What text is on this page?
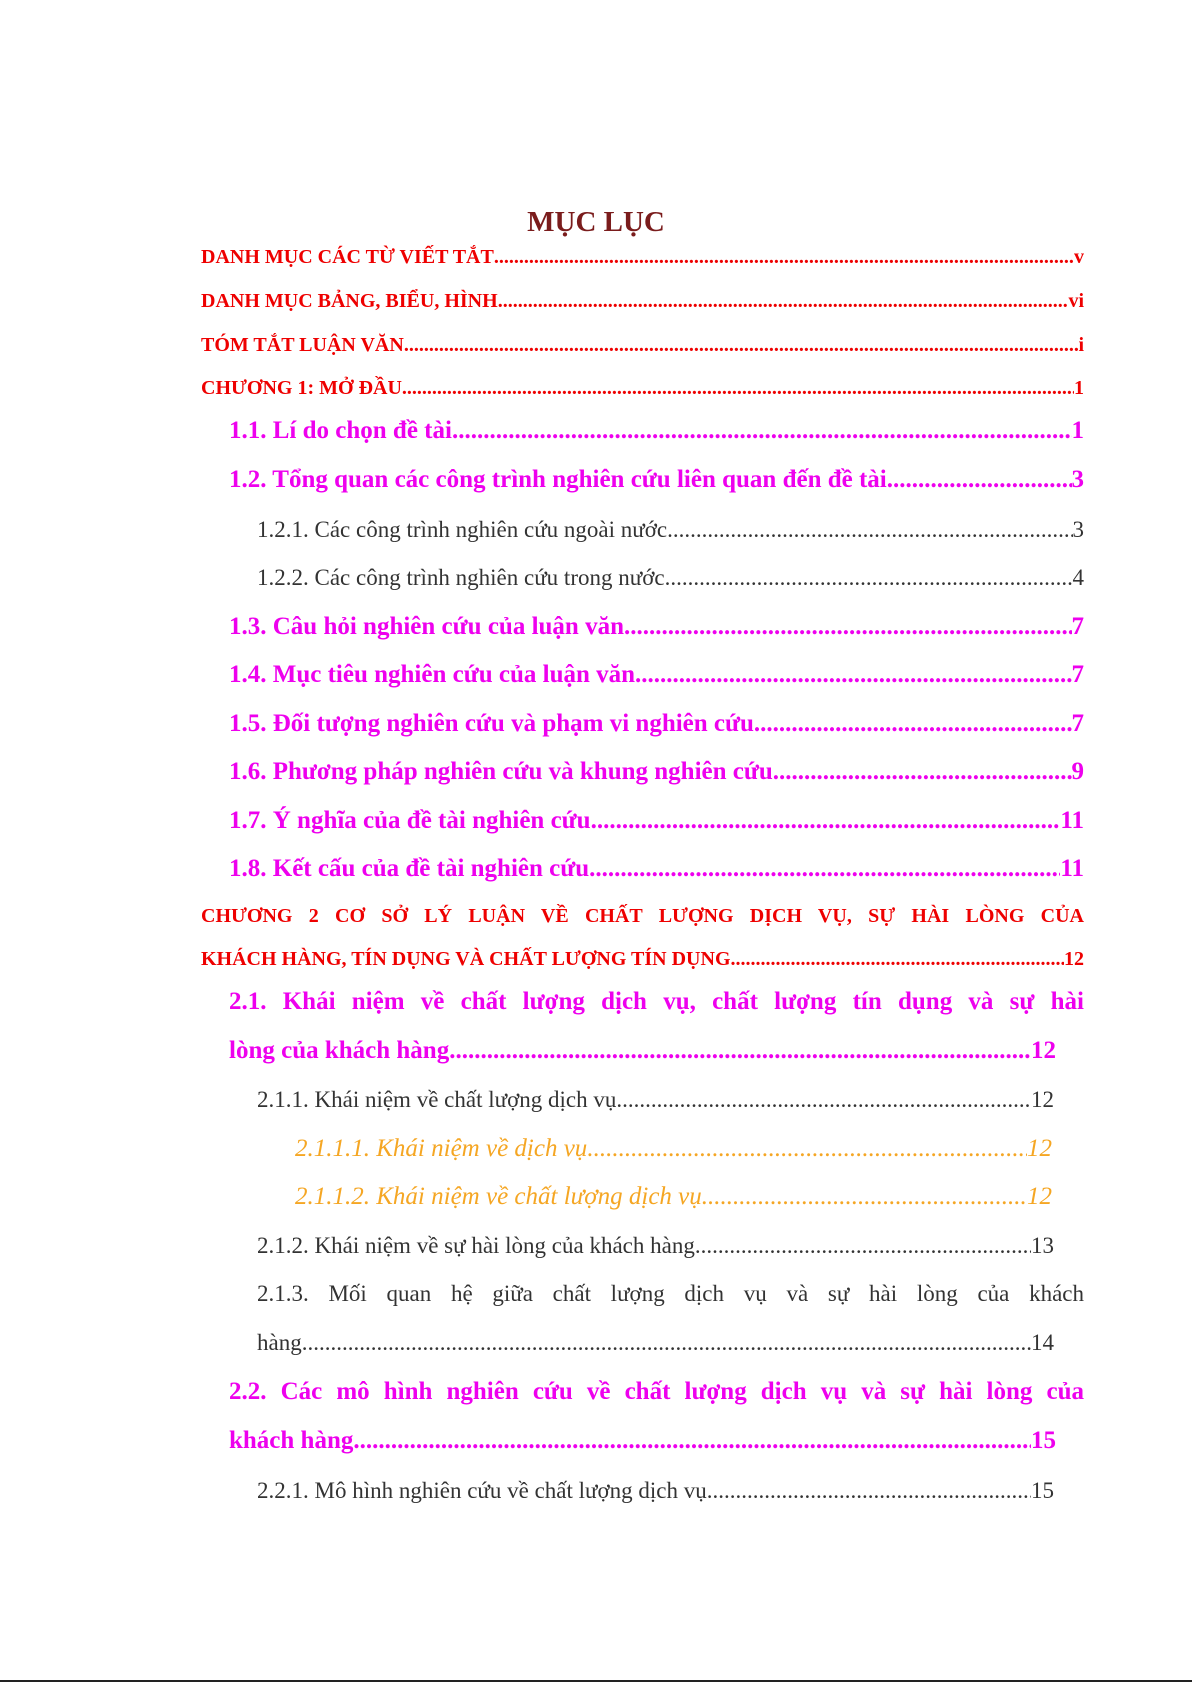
MỤC LỤC
DANH MỤC CÁC TỪ VIẾT TẮT .....	v
DANH MỤC BẢNG, BIỂU, HÌNH .....	vi
TÓM TẮT LUẬN VĂN .....	i
CHƯƠNG 1: MỞ ĐẦU .....	1
1.1. Lí do chọn đề tài .....	1
1.2. Tổng quan các công trình nghiên cứu liên quan đến đề tài .....	3
1.2.1. Các công trình nghiên cứu ngoài nước .....	3
1.2.2. Các công trình nghiên cứu trong nước .....	4
1.3. Câu hỏi nghiên cứu của luận văn .....	7
1.4. Mục tiêu nghiên cứu của luận văn .....	7
1.5. Đối tượng nghiên cứu và phạm vi nghiên cứu .....	7
1.6. Phương pháp nghiên cứu và khung nghiên cứu .....	9
1.7. Ý nghĩa của đề tài nghiên cứu .....	11
1.8. Kết cấu của đề tài nghiên cứu. .....	11
CHƯƠNG 2 CƠ SỞ LÝ LUẬN VỀ CHẤT LƯỢNG DỊCH VỤ, SỰ HÀI LÒNG CỦA
KHÁCH HÀNG, TÍN DỤNG VÀ CHẤT LƯỢNG TÍN DỤNG .....	12
2.1. Khái niệm về chất lượng dịch vụ, chất lượng tín dụng và sự hài
lòng của khách hàng .....	12
2.1.1. Khái niệm về chất lượng dịch vụ .....	12
2.1.1.1. Khái niệm về dịch vụ .....	12
2.1.1.2. Khái niệm về chất lượng dịch vụ .....	12
2.1.2. Khái niệm về sự hài lòng của khách hàng .....	13
2.1.3. Mối quan hệ giữa chất lượng dịch vụ và sự hài lòng của khách
hàng .....	14
2.2. Các mô hình nghiên cứu về chất lượng dịch vụ và sự hài lòng của
khách hàng .....	15
2.2.1. Mô hình nghiên cứu về chất lượng dịch vụ .....	15
